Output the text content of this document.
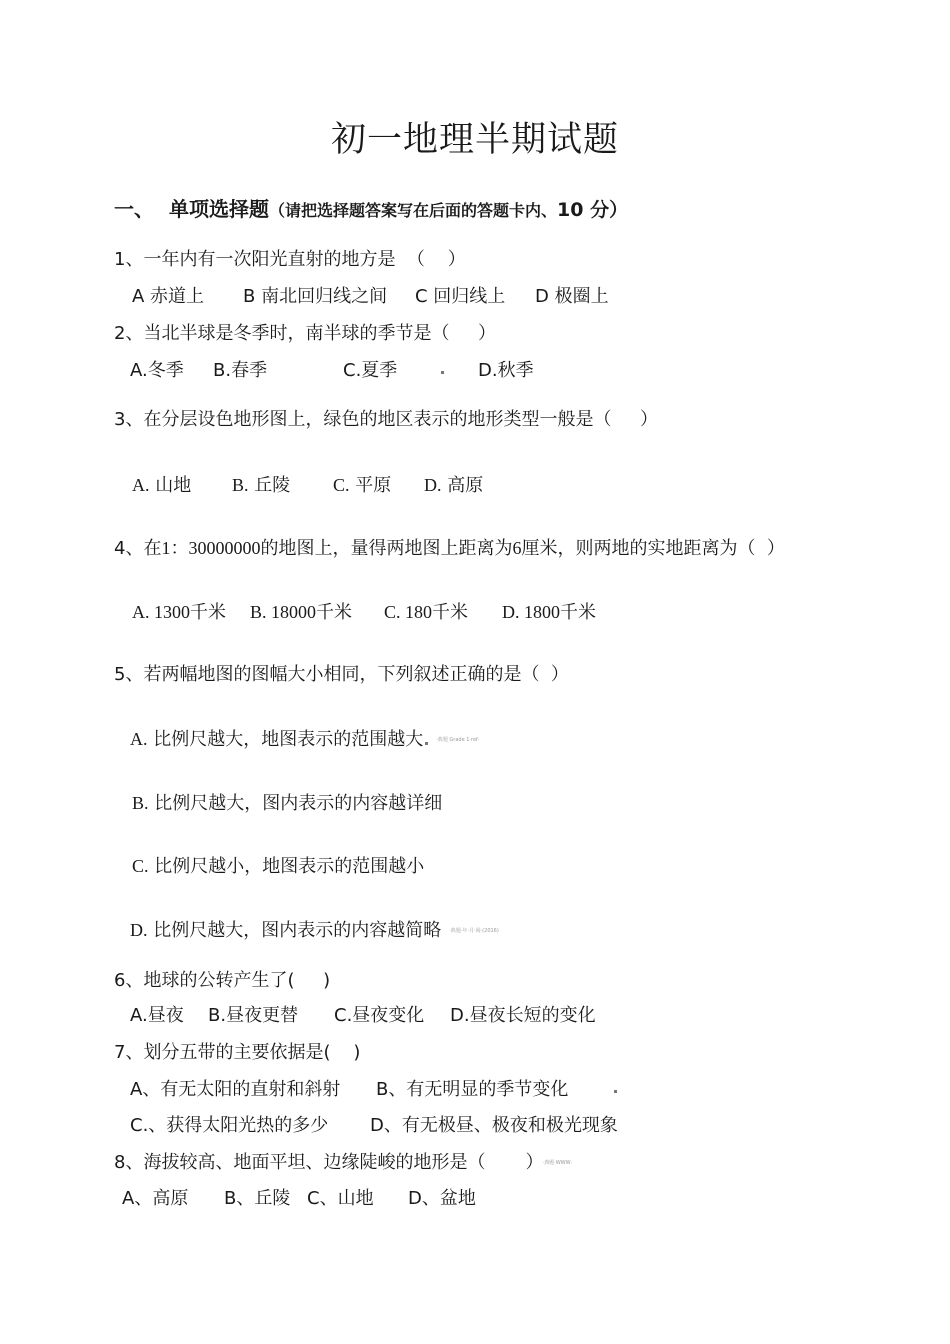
初一地理半期试题
一、 单项选择题（请把选择题答案写在后面的答题卡内、10 分）
1、一年内有一次阳光直射的地方是  （    ）
A 赤道上 B 南北回归线之间 C 回归线上 D 极圈上
2、当北半球是冬季时，南半球的季节是（     ）
A.冬季 B.春季	C.夏季	D.秋季
3、在分层设色地形图上，绿色的地区表示的地形类型一般是（     ）
A. 山地 B. 丘陵 C. 平原 D. 高原
4、在1：30000000的地图上，量得两地图上距离为6厘米，则两地的实地距离为（  ）
A. 1300千米 B. 18000千米 C. 180千米 D. 1800千米
5、若两幅地图的图幅大小相同，下列叙述正确的是（  ）
A. 比例尺越大，地图表示的范围越大	·典题 Grade 1·ref·
B. 比例尺越大，图内表示的内容越详细
C. 比例尺越小，地图表示的范围越小
D. 比例尺越大，图内表示的内容越简略 ·典题·年·月·阅·(2016)
6、地球的公转产生了(     )
A.昼夜 B.昼夜更替 C.昼夜变化 D.昼夜长短的变化
7、划分五带的主要依据是(    )
A、有无太阳的直射和斜射 B、有无明显的季节变化
C.、获得太阳光热的多少 D、有无极昼、极夜和极光现象
8、海拔较高、地面平坦、边缘陡峻的地形是（       ） ·典题·WWW·
A、高原 B、丘陵 C、山地 D、盆地
